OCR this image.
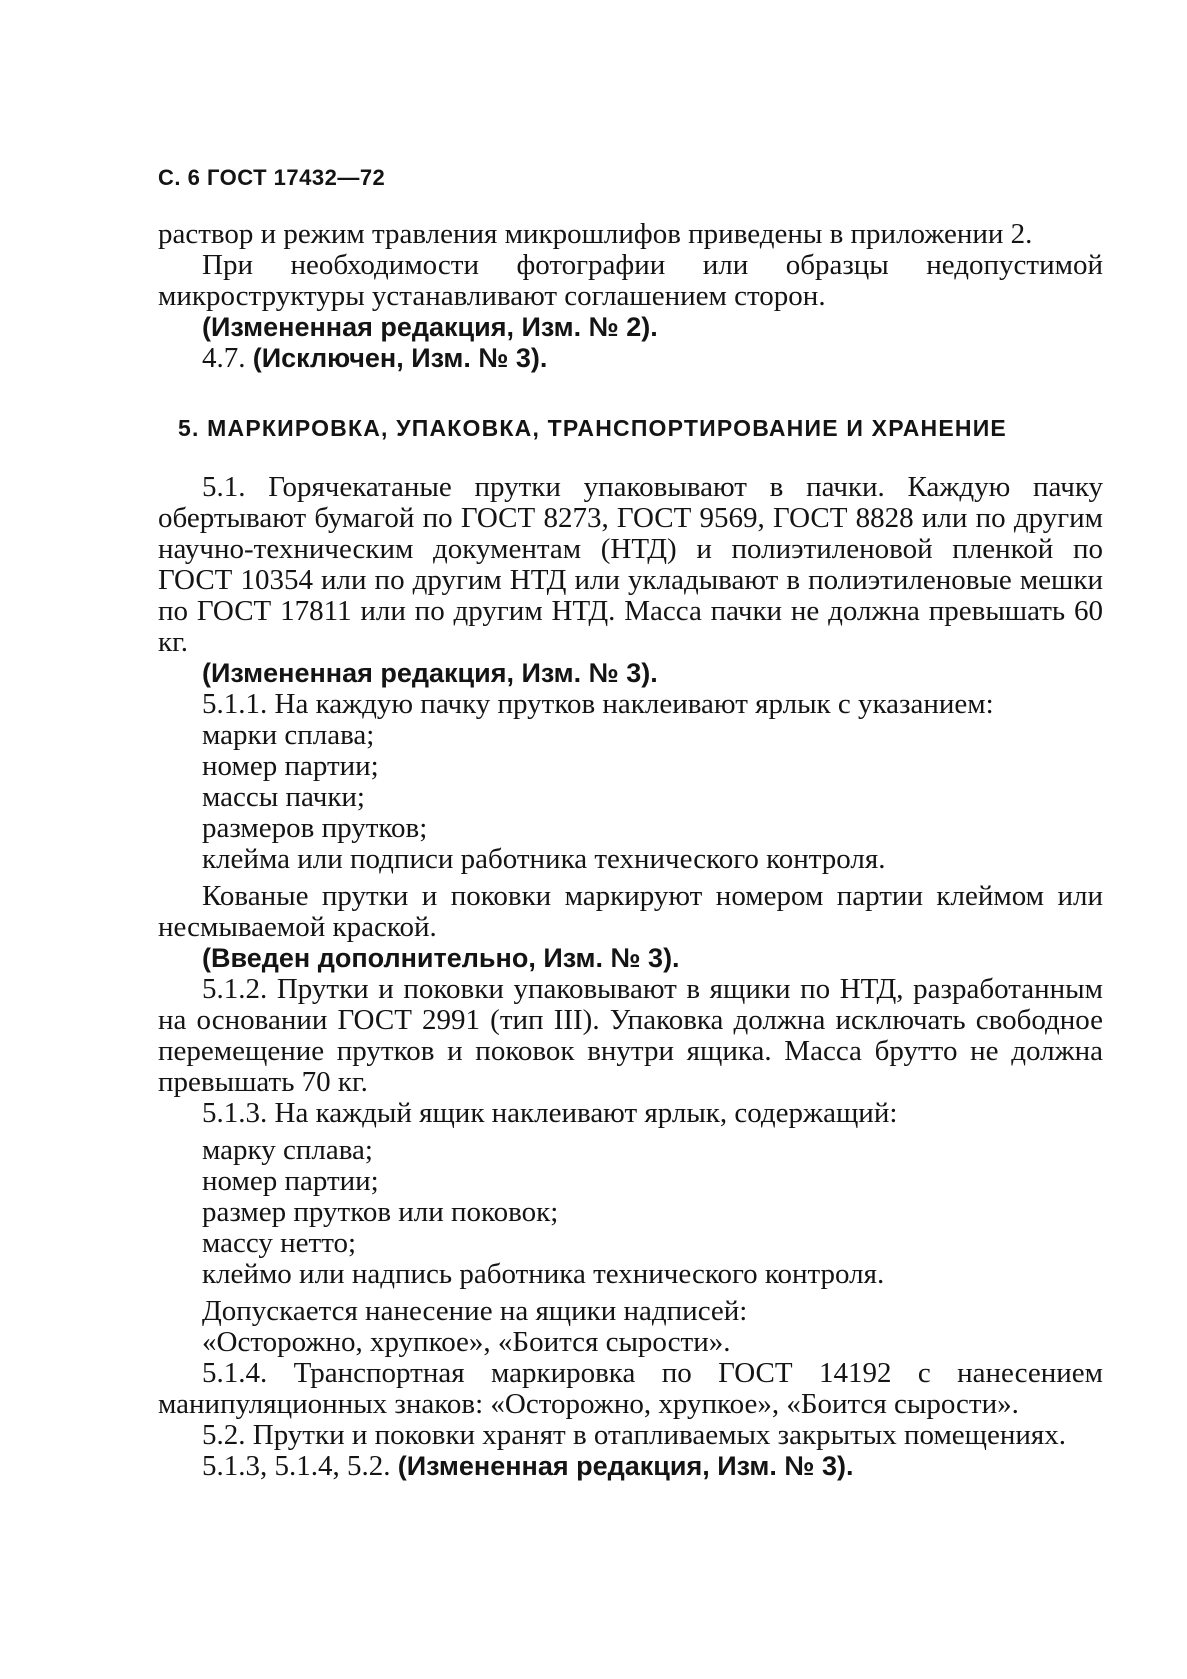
С. 6 ГОСТ 17432—72

раствор и режим травления микрошлифов приведены в приложении 2.

При необходимости фотографии или образцы недопустимой микроструктуры устанавливают соглашением сторон.

(Измененная редакция, Изм. № 2).

4.7. (Исключен, Изм. № 3).

5. МАРКИРОВКА, УПАКОВКА, ТРАНСПОРТИРОВАНИЕ И ХРАНЕНИЕ

5.1. Горячекатаные прутки упаковывают в пачки. Каждую пачку обертывают бумагой по ГОСТ 8273, ГОСТ 9569, ГОСТ 8828 или по другим научно-техническим документам (НТД) и полиэтиленовой пленкой по ГОСТ 10354 или по другим НТД или укладывают в полиэтиленовые мешки по ГОСТ 17811 или по другим НТД. Масса пачки не должна превышать 60 кг.

(Измененная редакция, Изм. № 3).

5.1.1. На каждую пачку прутков наклеивают ярлык с указанием:

марки сплава;
номер партии;
массы пачки;
размеров прутков;
клейма или подписи работника технического контроля.

Кованые прутки и поковки маркируют номером партии клеймом или несмываемой краской.

(Введен дополнительно, Изм. № 3).

5.1.2. Прутки и поковки упаковывают в ящики по НТД, разработанным на основании ГОСТ 2991 (тип III). Упаковка должна исключать свободное перемещение прутков и поковок внутри ящика. Масса брутто не должна превышать 70 кг.

5.1.3. На каждый ящик наклеивают ярлык, содержащий:

марку сплава;
номер партии;
размер прутков или поковок;
массу нетто;
клеймо или надпись работника технического контроля.

Допускается нанесение на ящики надписей:

«Осторожно, хрупкое», «Боится сырости».

5.1.4. Транспортная маркировка по ГОСТ 14192 с нанесением манипуляционных знаков: «Осторожно, хрупкое», «Боится сырости».

5.2. Прутки и поковки хранят в отапливаемых закрытых помещениях.

5.1.3, 5.1.4, 5.2. (Измененная редакция, Изм. № 3).
